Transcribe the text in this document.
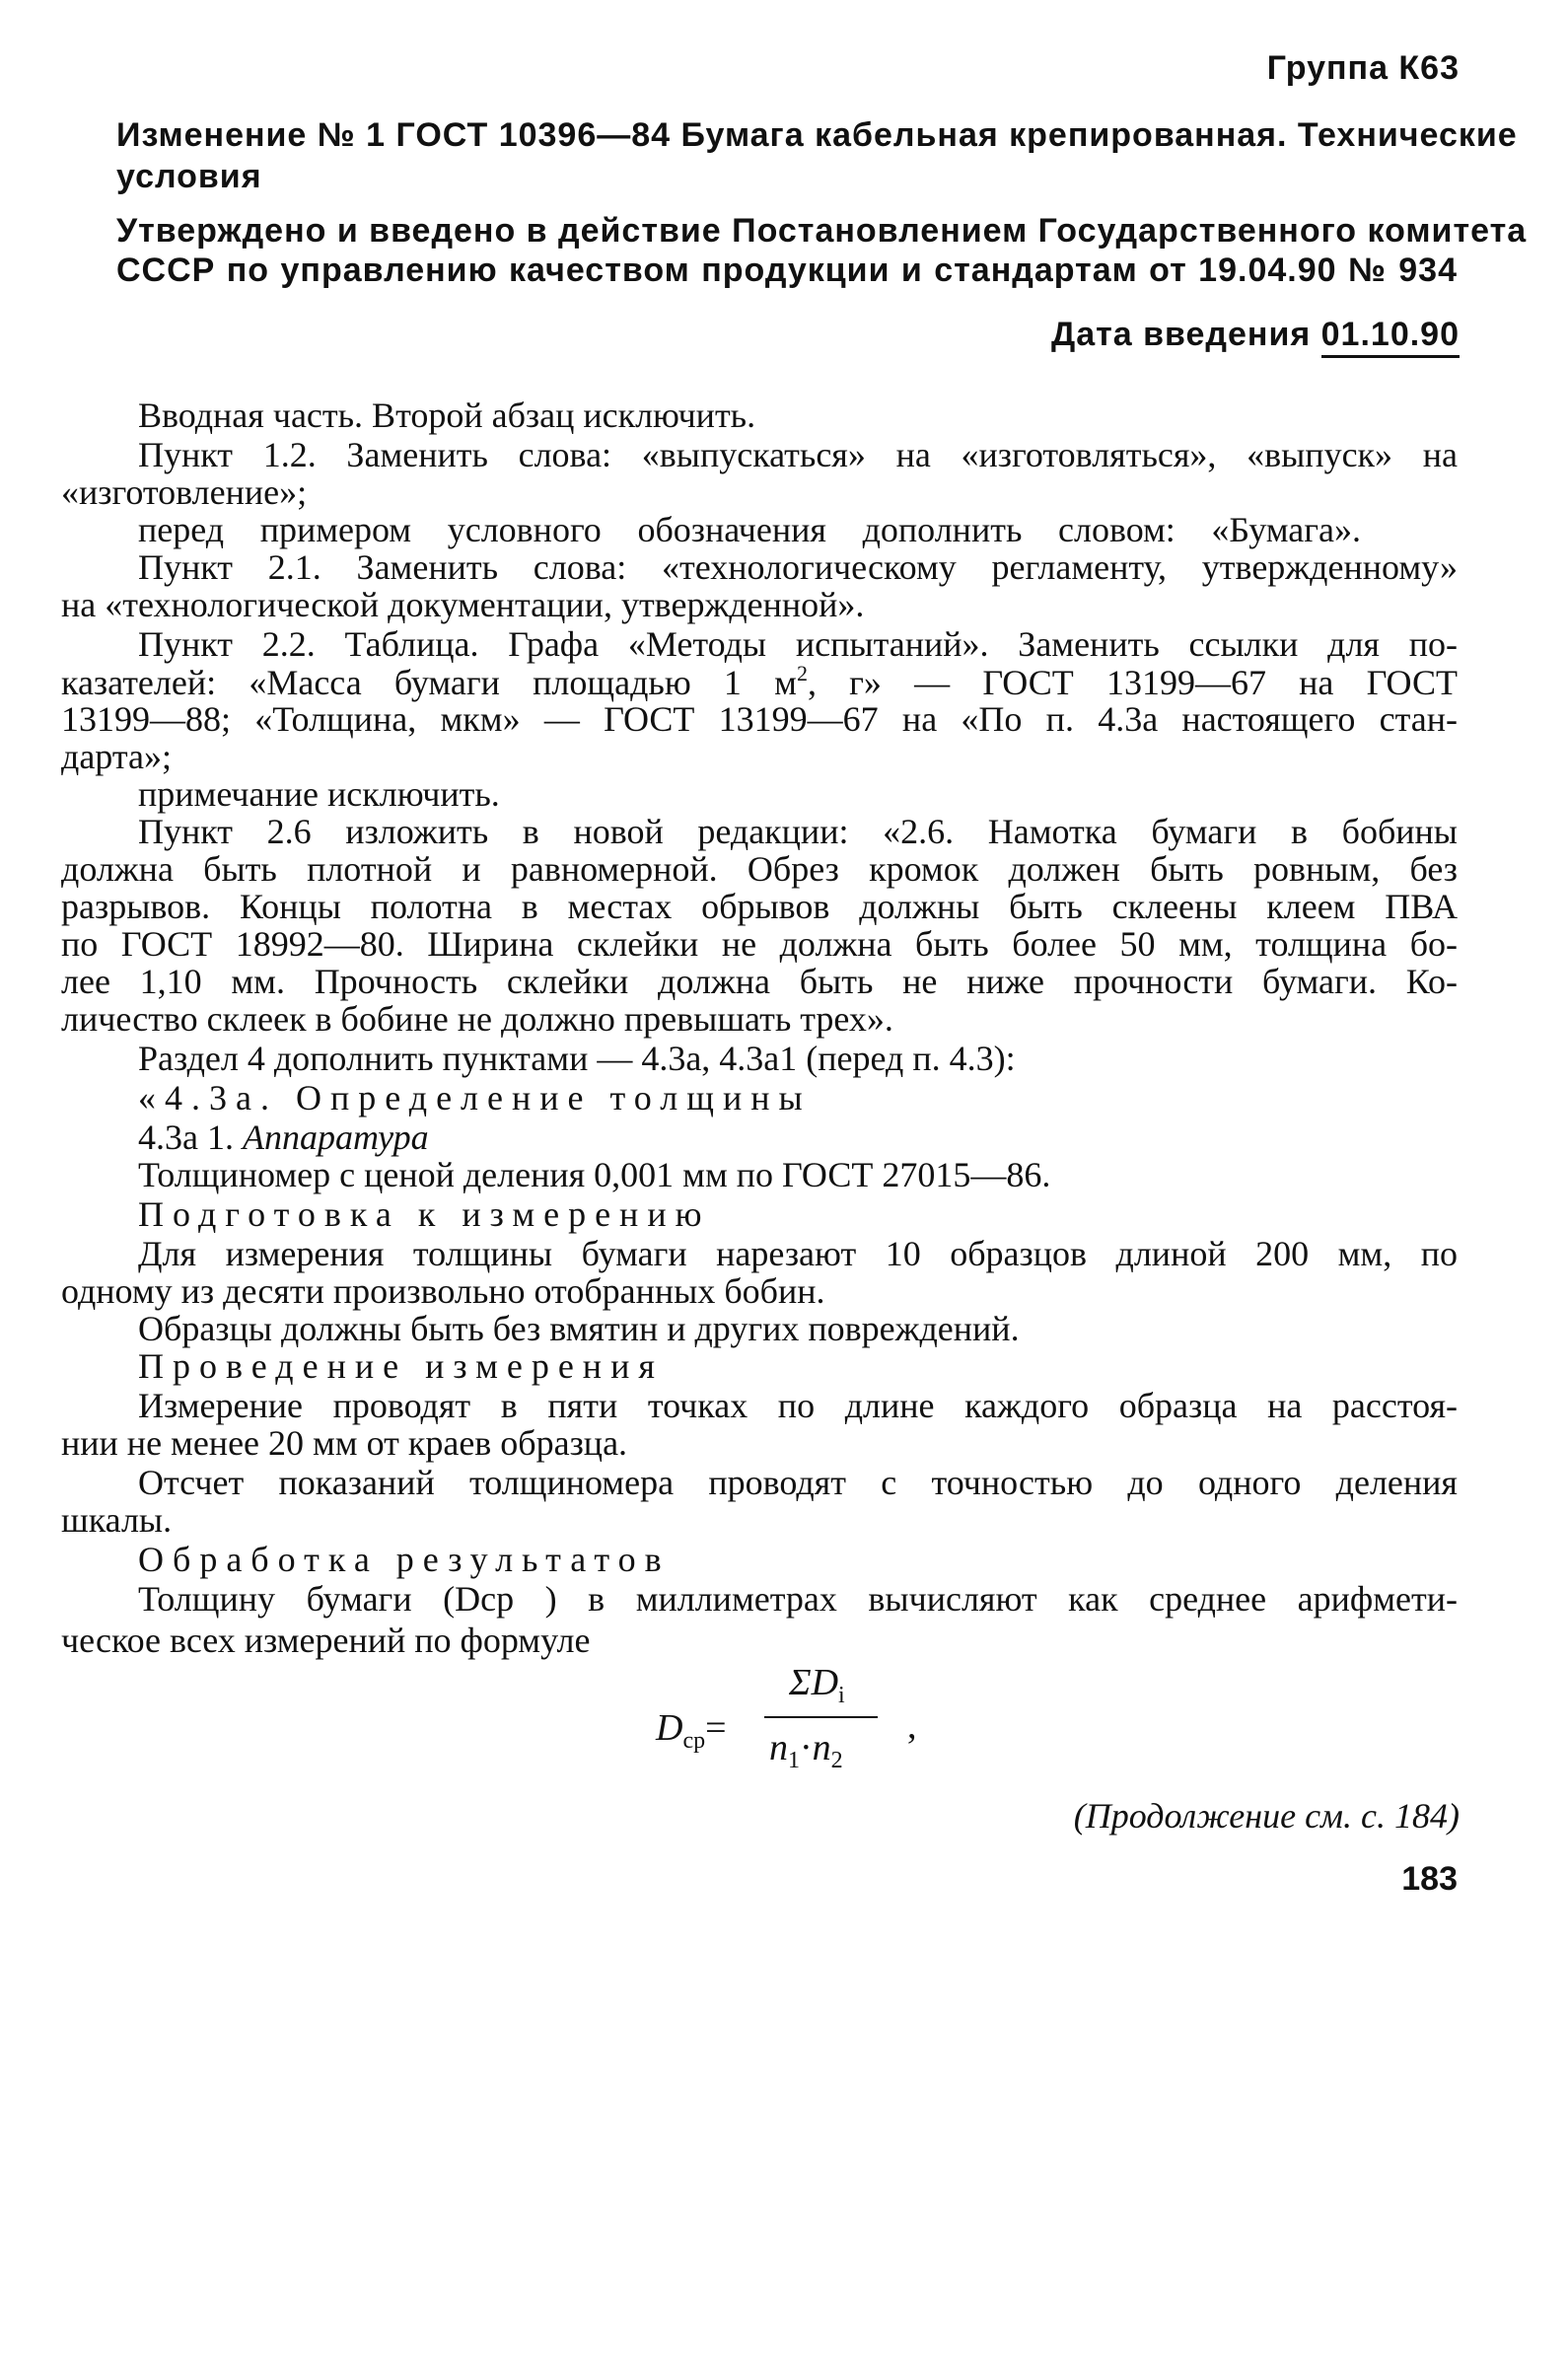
Группа К63
Изменение № 1 ГОСТ 10396—84 Бумага кабельная крепированная. Технические
условия
Утверждено и введено в действие Постановлением Государственного комитета
СССР по управлению качеством продукции и стандартам от 19.04.90 № 934
Дата введения 01.10.90
Вводная часть. Второй абзац исключить.
Пункт 1.2. Заменить слова: «выпускаться» на «изготовляться», «выпуск» на
«изготовление»;
перед примером условного обозначения дополнить словом: «Бумага».
Пункт 2.1. Заменить слова: «технологическому регламенту, утвержденному»
на «технологической документации, утвержденной».
Пункт 2.2. Таблица. Графа «Методы испытаний». Заменить ссылки для по-
казателей: «Масса бумаги площадью 1 $м^2$, г» — ГОСТ 13199—67 на ГОСТ
13199—88; «Толщина, мкм» — ГОСТ 13199—67 на «По п. 4.3а настоящего стан-
дарта»;
примечание исключить.
Пункт 2.6 изложить в новой редакции: «2.6. Намотка бумаги в бобины
должна быть плотной и равномерной. Обрез кромок должен быть ровным, без
разрывов. Концы полотна в местах обрывов должны быть склеены клеем ПВА
по ГОСТ 18992—80. Ширина склейки не должна быть более 50 мм, толщина бо-
лее 1,10 мм. Прочность склейки должна быть не ниже прочности бумаги. Ко-
личество склеек в бобине не должно превышать трех».
Раздел 4 дополнить пунктами — 4.3а, 4.3а1 (перед п. 4.3):
«4.3а. Определение толщины
4.3а 1. Аппаратура
Толщиномер с ценой деления 0,001 мм по ГОСТ 27015—86.
Подготовка к измерению
Для измерения толщины бумаги нарезают 10 образцов длиной 200 мм, по
одному из десяти произвольно отобранных бобин.
Образцы должны быть без вмятин и других повреждений.
Проведение измерения
Измерение проводят в пяти точках по длине каждого образца на расстоя-
нии не менее 20 мм от краев образца.
Отсчет показаний толщиномера проводят с точностью до одного деления
шкалы.
Обработка результатов
Толщину бумаги (Dср ) в миллиметрах вычисляют как среднее арифмети-
ческое всех измерений по формуле
$D_{ср}=$
$\Sigma D_i$
$n_1\cdot n_2$
,
(Продолжение см. с. 184)
183
